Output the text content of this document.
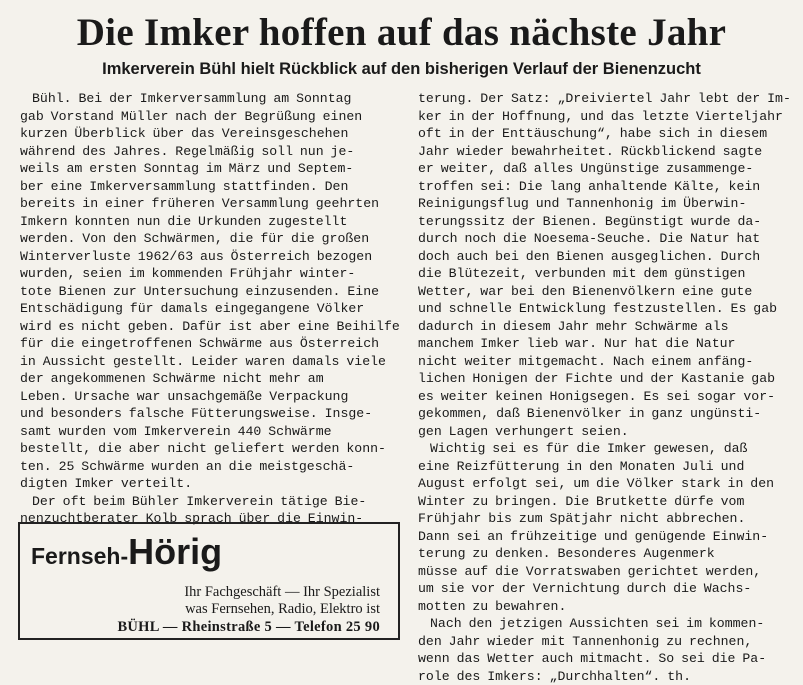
Die Imker hoffen auf das nächste Jahr
Imkerverein Bühl hielt Rückblick auf den bisherigen Verlauf der Bienenzucht
Bühl. Bei der Imkerversammlung am Sonntag
gab Vorstand Müller nach der Begrüßung einen
kurzen Überblick über das Vereinsgeschehen
während des Jahres. Regelmäßig soll nun je-
weils am ersten Sonntag im März und Septem-
ber eine Imkerversammlung stattfinden. Den
bereits in einer früheren Versammlung geehrten
Imkern konnten nun die Urkunden zugestellt
werden. Von den Schwärmen, die für die großen
Winterverluste 1962/63 aus Österreich bezogen
wurden, seien im kommenden Frühjahr winter-
tote Bienen zur Untersuchung einzusenden. Eine
Entschädigung für damals eingegangene Völker
wird es nicht geben. Dafür ist aber eine Beihilfe
für die eingetroffenen Schwärme aus Österreich
in Aussicht gestellt. Leider waren damals viele
der angekommenen Schwärme nicht mehr am
Leben. Ursache war unsachgemäße Verpackung
und besonders falsche Fütterungsweise. Insge-
samt wurden vom Imkerverein 440 Schwärme
bestellt, die aber nicht geliefert werden konn-
ten. 25 Schwärme wurden an die meistgeschä-
digten Imker verteilt.
Der oft beim Bühler Imkerverein tätige Bie-
nenzuchtberater Kolb sprach über die Einwin-
terung. Der Satz: „Dreiviertel Jahr lebt der Im-
ker in der Hoffnung, und das letzte Vierteljahr
oft in der Enttäuschung“, habe sich in diesem
Jahr wieder bewahrheitet. Rückblickend sagte
er weiter, daß alles Ungünstige zusammenge-
troffen sei: Die lang anhaltende Kälte, kein
Reinigungsflug und Tannenhonig im Überwin-
terungssitz der Bienen. Begünstigt wurde da-
durch noch die Noesema-Seuche. Die Natur hat
doch auch bei den Bienen ausgeglichen. Durch
die Blütezeit, verbunden mit dem günstigen
Wetter, war bei den Bienenvölkern eine gute
und schnelle Entwicklung festzustellen. Es gab
dadurch in diesem Jahr mehr Schwärme als
manchem Imker lieb war. Nur hat die Natur
nicht weiter mitgemacht. Nach einem anfäng-
lichen Honigen der Fichte und der Kastanie gab
es weiter keinen Honigsegen. Es sei sogar vor-
gekommen, daß Bienenvölker in ganz ungünsti-
gen Lagen verhungert seien.
Wichtig sei es für die Imker gewesen, daß
eine Reizfütterung in den Monaten Juli und
August erfolgt sei, um die Völker stark in den
Winter zu bringen. Die Brutkette dürfe vom
Frühjahr bis zum Spätjahr nicht abbrechen.
Dann sei an frühzeitige und genügende Einwin-
terung zu denken. Besonderes Augenmerk
müsse auf die Vorratswaben gerichtet werden,
um sie vor der Vernichtung durch die Wachs-
motten zu bewahren.
Nach den jetzigen Aussichten sei im kommen-
den Jahr wieder mit Tannenhonig zu rechnen,
wenn das Wetter auch mitmacht. So sei die Pa-
role des Imkers: „Durchhalten“. th.
Fernseh-Hörig
Ihr Fachgeschäft — Ihr Spezialist
was Fernsehen, Radio, Elektro ist
BÜHL — Rheinstraße 5 — Telefon 25 90
